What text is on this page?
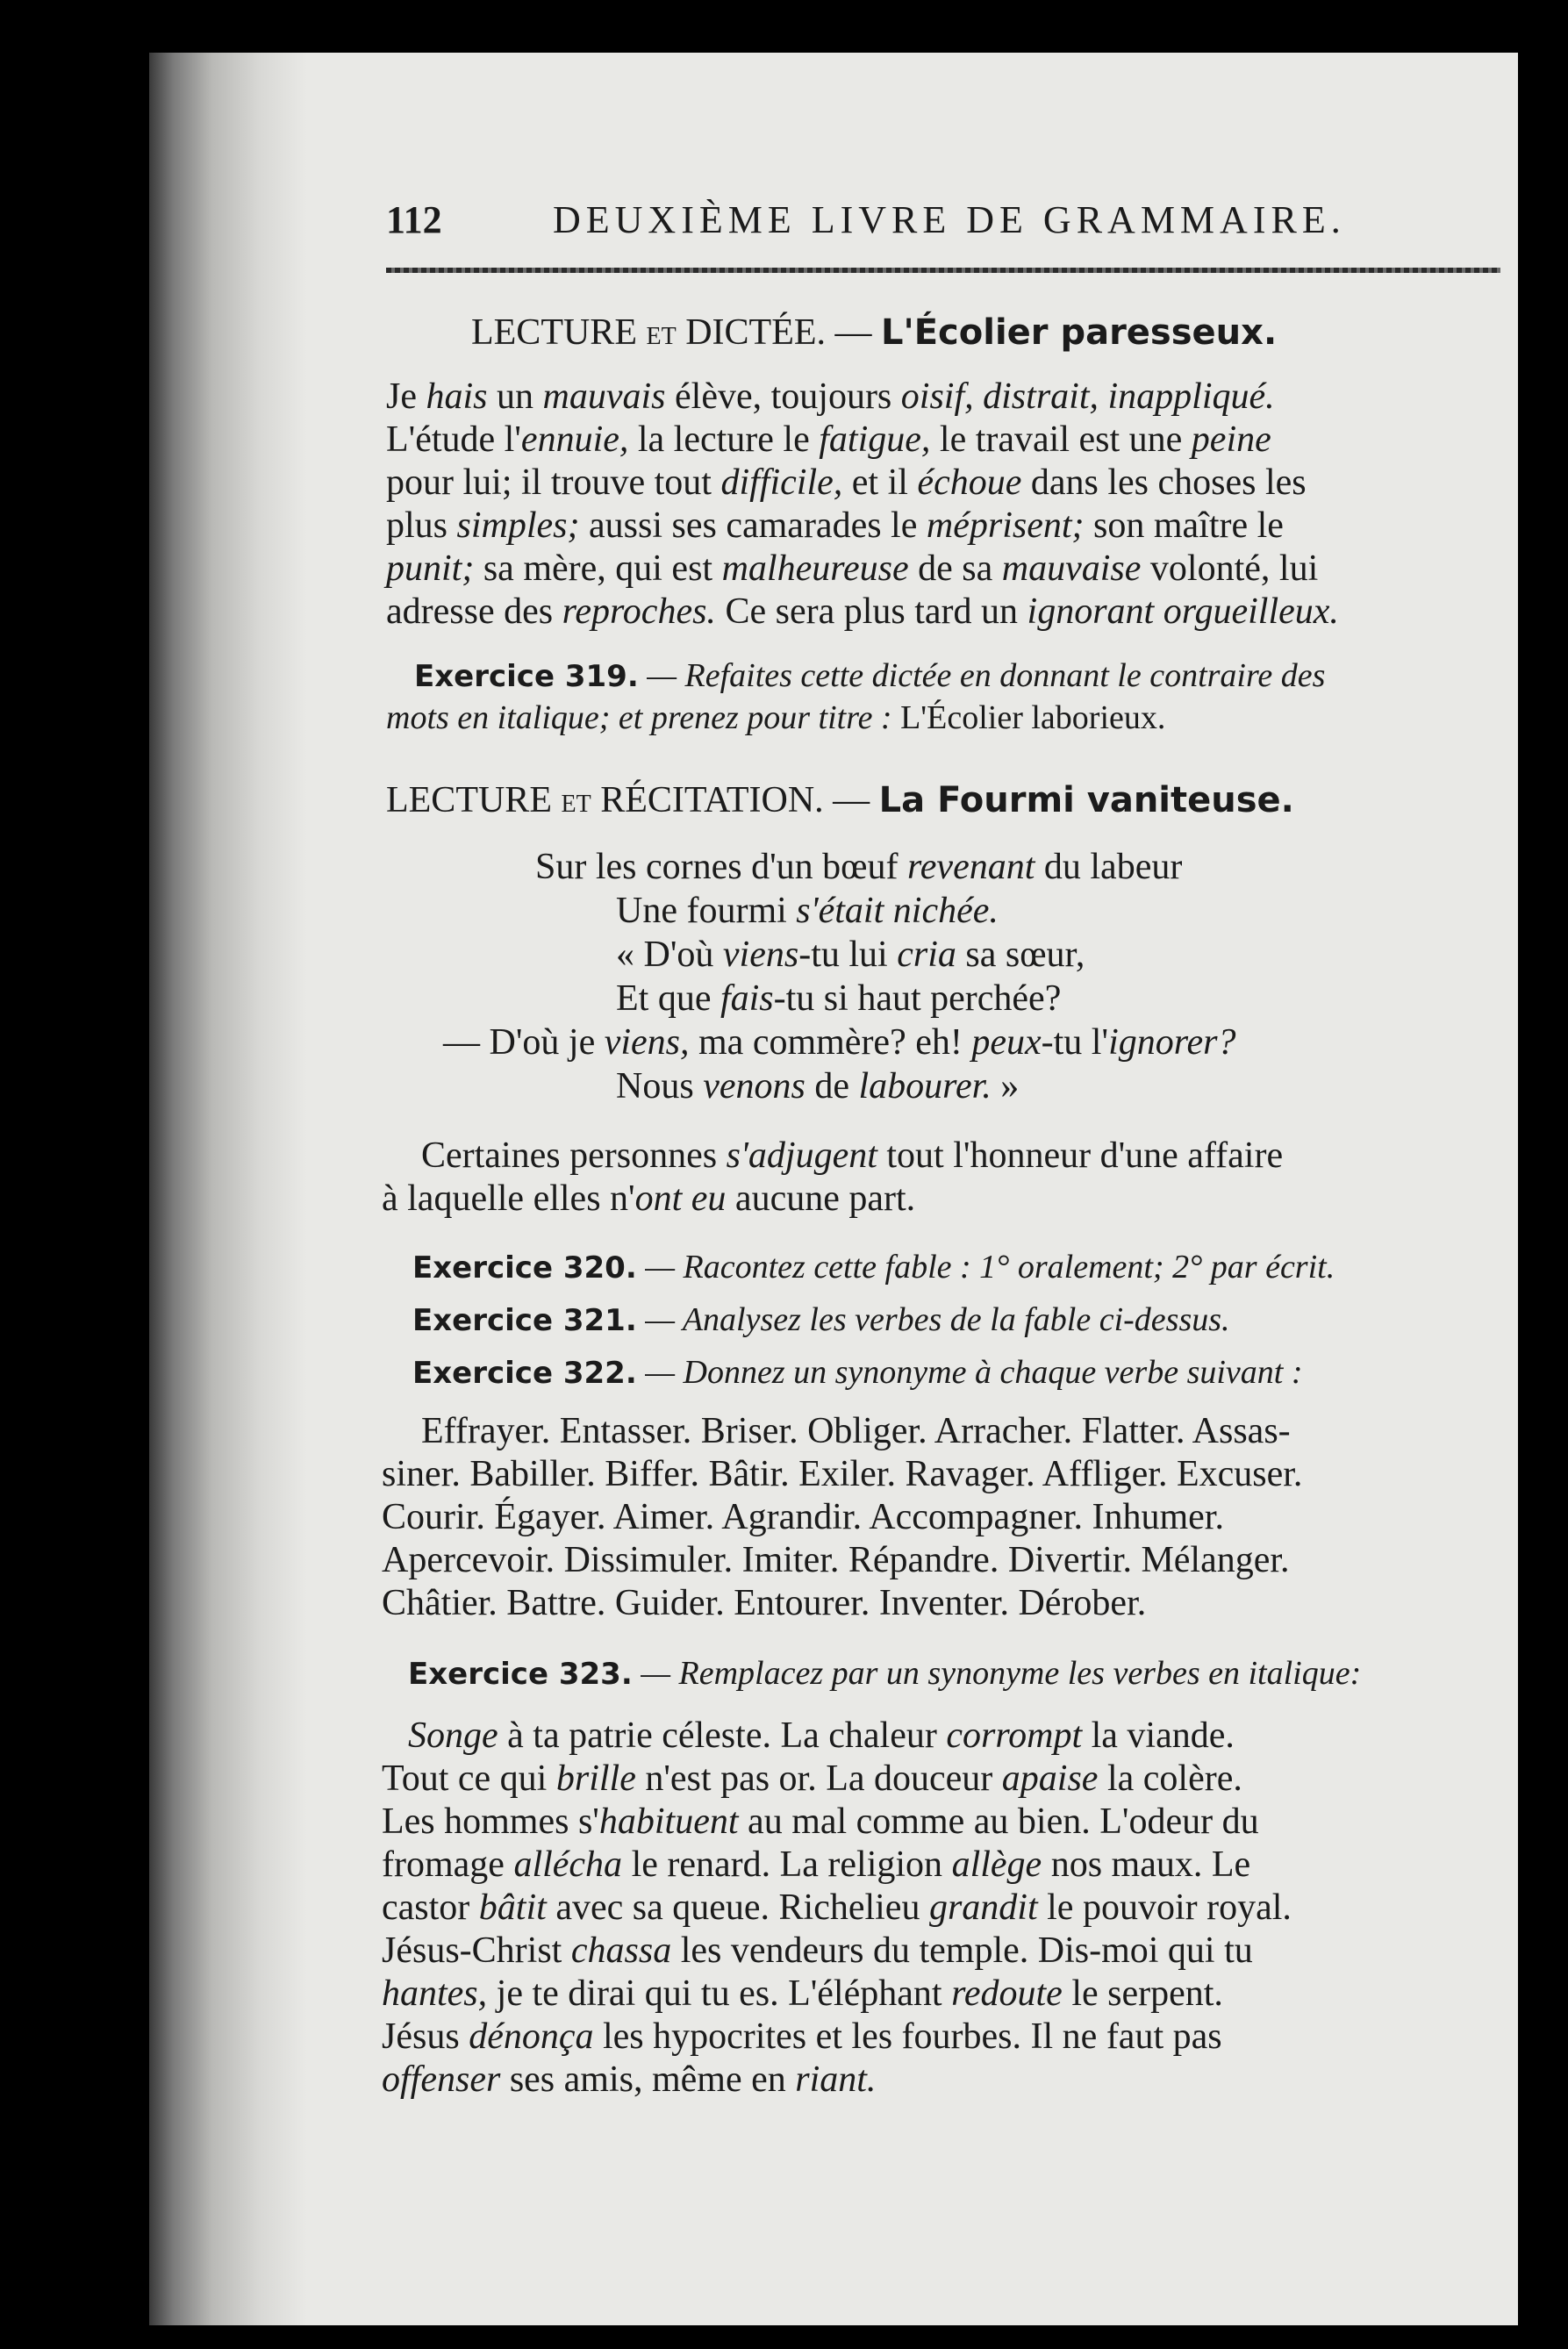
112	DEUXIÈME LIVRE DE GRAMMAIRE.
LECTURE ET DICTÉE. — L'Écolier paresseux.
Je hais un mauvais élève, toujours oisif, distrait, inappliqué.
L'étude l'ennuie, la lecture le fatigue, le travail est une peine
pour lui; il trouve tout difficile, et il échoue dans les choses les
plus simples; aussi ses camarades le méprisent; son maître le
punit; sa mère, qui est malheureuse de sa mauvaise volonté, lui
adresse des reproches. Ce sera plus tard un ignorant orgueilleux.
Exercice 319. — Refaites cette dictée en donnant le contraire des
mots en italique; et prenez pour titre : L'Écolier laborieux.
LECTURE ET RÉCITATION. — La Fourmi vaniteuse.
Sur les cornes d'un bœuf revenant du labeur
Une fourmi s'était nichée.
« D'où viens-tu lui cria sa sœur,
Et que fais-tu si haut perchée?
— D'où je viens, ma commère? eh! peux-tu l'ignorer?
Nous venons de labourer. »
Certaines personnes s'adjugent tout l'honneur d'une affaire
à laquelle elles n'ont eu aucune part.
Exercice 320. — Racontez cette fable : 1° oralement; 2° par écrit.
Exercice 321. — Analysez les verbes de la fable ci-dessus.
Exercice 322. — Donnez un synonyme à chaque verbe suivant :
Effrayer. Entasser. Briser. Obliger. Arracher. Flatter. Assas-
siner. Babiller. Biffer. Bâtir. Exiler. Ravager. Affliger. Excuser.
Courir. Égayer. Aimer. Agrandir. Accompagner. Inhumer.
Apercevoir. Dissimuler. Imiter. Répandre. Divertir. Mélanger.
Châtier. Battre. Guider. Entourer. Inventer. Dérober.
Exercice 323. — Remplacez par un synonyme les verbes en italique:
Songe à ta patrie céleste. La chaleur corrompt la viande.
Tout ce qui brille n'est pas or. La douceur apaise la colère.
Les hommes s'habituent au mal comme au bien. L'odeur du
fromage allécha le renard. La religion allège nos maux. Le
castor bâtit avec sa queue. Richelieu grandit le pouvoir royal.
Jésus-Christ chassa les vendeurs du temple. Dis-moi qui tu
hantes, je te dirai qui tu es. L'éléphant redoute le serpent.
Jésus dénonça les hypocrites et les fourbes. Il ne faut pas
offenser ses amis, même en riant.
